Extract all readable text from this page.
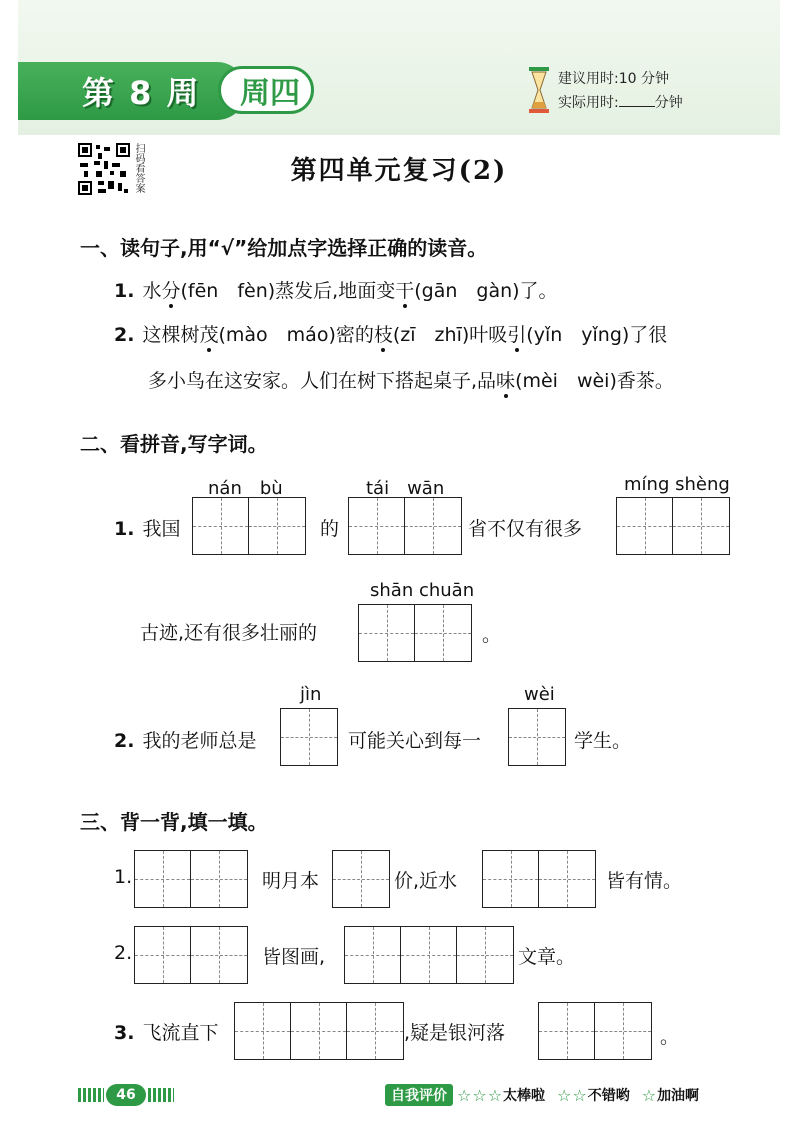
第 8 周 周四	建议用时:10 分钟
实际用时:	分钟
扫码看答案	第四单元复习(2)
一、读句子,用“√”给加点字选择正确的读音。
1. 水分(fēn　fèn)蒸发后,地面变干(gān　gàn)了。
2. 这棵树茂(mào　máo)密的枝(zī　zhī)叶吸引(yǐn　yǐng)了很
多小鸟在这安家。人们在树下搭起桌子,品味(mèi　wèi)香茶。
二、看拼音,写字词。
nán　bù	tái　wān	míng shèng
1. 我国	的	省不仅有很多
shān chuān
古迹,还有很多壮丽的	。
jìn	wèi
2. 我的老师总是	可能关心到每一	学生。
三、背一背,填一填。
1.	明月本	价,近水	皆有情。
2.	皆图画,	文章。
3. 飞流直下	,疑是银河落	。
46	自我评价 ☆ ☆ ☆ 太棒啦 ☆ ☆ 不错哟 ☆ 加油啊
